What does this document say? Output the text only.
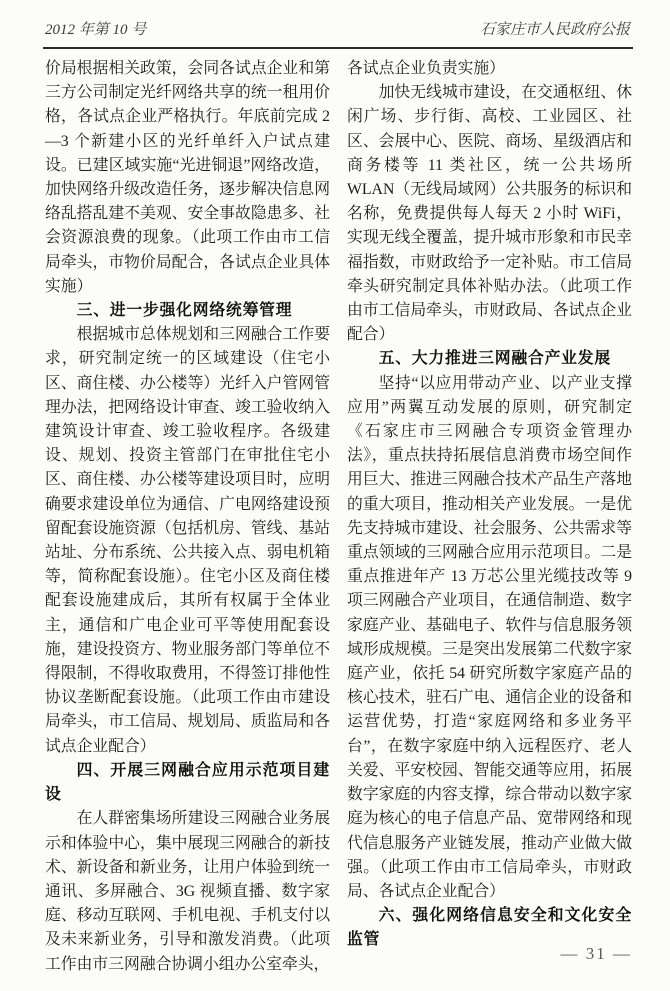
2012 年第 10 号	石家庄市人民政府公报

价局根据相关政策，会同各试点企业和第三方公司制定光纤网络共享的统一租用价格，各试点企业严格执行。年底前完成 2—3 个新建小区的光纤单纤入户试点建设。已建区域实施“光进铜退”网络改造，加快网络升级改造任务，逐步解决信息网络乱搭乱建不美观、安全事故隐患多、社会资源浪费的现象。（此项工作由市工信局牵头，市物价局配合，各试点企业具体实施）

三、进一步强化网络统筹管理

根据城市总体规划和三网融合工作要求，研究制定统一的区域建设（住宅小区、商住楼、办公楼等）光纤入户管网管理办法，把网络设计审查、竣工验收纳入建筑设计审查、竣工验收程序。各级建设、规划、投资主管部门在审批住宅小区、商住楼、办公楼等建设项目时，应明确要求建设单位为通信、广电网络建设预留配套设施资源（包括机房、管线、基站站址、分布系统、公共接入点、弱电机箱等，简称配套设施）。住宅小区及商住楼配套设施建成后，其所有权属于全体业主，通信和广电企业可平等使用配套设施，建设投资方、物业服务部门等单位不得限制，不得收取费用，不得签订排他性协议垄断配套设施。（此项工作由市建设局牵头，市工信局、规划局、质监局和各试点企业配合）

四、开展三网融合应用示范项目建设

在人群密集场所建设三网融合业务展示和体验中心，集中展现三网融合的新技术、新设备和新业务，让用户体验到统一通讯、多屏融合、3G 视频直播、数字家庭、移动互联网、手机电视、手机支付以及未来新业务，引导和激发消费。（此项工作由市三网融合协调小组办公室牵头，

各试点企业负责实施）

加快无线城市建设，在交通枢纽、休闲广场、步行街、高校、工业园区、社区、会展中心、医院、商场、星级酒店和商务楼等 11 类社区，统一公共场所 WLAN（无线局域网）公共服务的标识和名称，免费提供每人每天 2 小时 WiFi，实现无线全覆盖，提升城市形象和市民幸福指数，市财政给予一定补贴。市工信局牵头研究制定具体补贴办法。（此项工作由市工信局牵头，市财政局、各试点企业配合）

五、大力推进三网融合产业发展

坚持“以应用带动产业、以产业支撑应用”两翼互动发展的原则，研究制定《石家庄市三网融合专项资金管理办法》，重点扶持拓展信息消费市场空间作用巨大、推进三网融合技术产品生产落地的重大项目，推动相关产业发展。一是优先支持城市建设、社会服务、公共需求等重点领域的三网融合应用示范项目。二是重点推进年产 13 万芯公里光缆技改等 9 项三网融合产业项目，在通信制造、数字家庭产业、基础电子、软件与信息服务领域形成规模。三是突出发展第二代数字家庭产业，依托 54 研究所数字家庭产品的核心技术，驻石广电、通信企业的设备和运营优势，打造“家庭网络和多业务平台”，在数字家庭中纳入远程医疗、老人关爱、平安校园、智能交通等应用，拓展数字家庭的内容支撑，综合带动以数字家庭为核心的电子信息产品、宽带网络和现代信息服务产业链发展，推动产业做大做强。（此项工作由市工信局牵头，市财政局、各试点企业配合）

六、强化网络信息安全和文化安全监管
— 31 —
